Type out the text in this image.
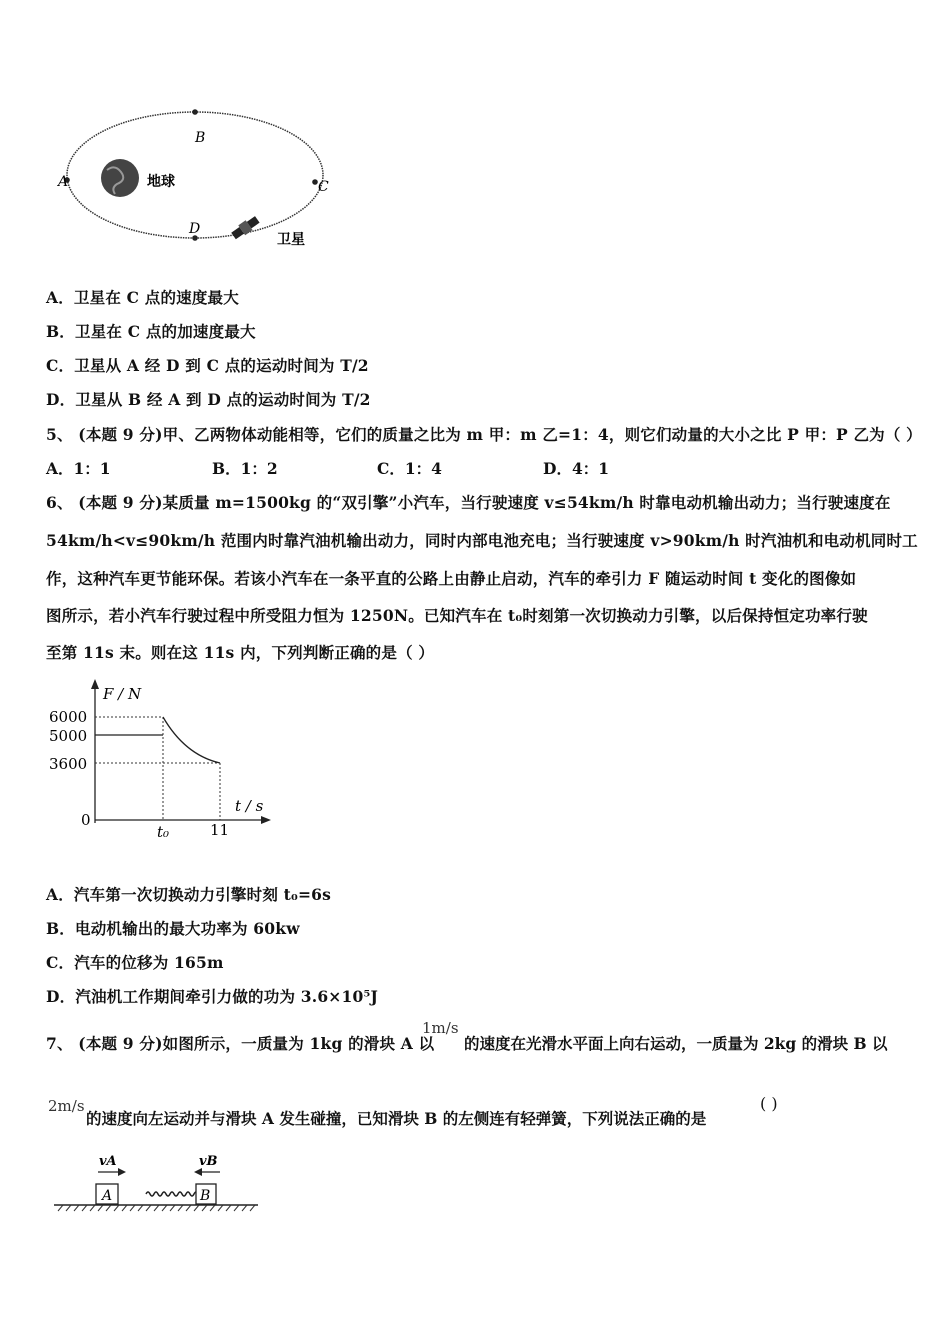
A
B
C
D
地球
卫星
A．卫星在 C 点的速度最大
B．卫星在 C 点的加速度最大
C．卫星从 A 经 D 到 C 点的运动时间为 T/2
D．卫星从 B 经 A 到 D 点的运动时间为 T/2
5、 (本题 9 分)甲、乙两物体动能相等，它们的质量之比为 m 甲：m 乙=1：4，则它们动量的大小之比 P 甲：P 乙为（ ）
A．1：1	B．1：2	C．1：4	D．4：1
6、 (本题 9 分)某质量 m=1500kg 的“双引擎”小汽车，当行驶速度 v≤54km/h 时靠电动机输出动力；当行驶速度在
54km/h<v≤90km/h 范围内时靠汽油机输出动力，同时内部电池充电；当行驶速度 v>90km/h 时汽油机和电动机同时工
作，这种汽车更节能环保。若该小汽车在一条平直的公路上由静止启动，汽车的牵引力 F 随运动时间 t 变化的图像如
图所示，若小汽车行驶过程中所受阻力恒为 1250N。已知汽车在 t₀时刻第一次切换动力引擎，以后保持恒定功率行驶
至第 11s 末。则在这 11s 内，下列判断正确的是（ ）
F / N
t / s
6000
5000
3600
0
t₀	11
A．汽车第一次切换动力引擎时刻 t₀=6s
B．电动机输出的最大功率为 60kw
C．汽车的位移为 165m
D．汽油机工作期间牵引力做的功为 3.6×10⁵J
7、 (本题 9 分)如图所示，一质量为 1kg 的滑块 A 以
1m/s
的速度在光滑水平面上向右运动，一质量为 2kg 的滑块 B 以
2m/s
的速度向左运动并与滑块 A 发生碰撞，已知滑块 B 的左侧连有轻弹簧，下列说法正确的是
( )
vA	vB
A	B
